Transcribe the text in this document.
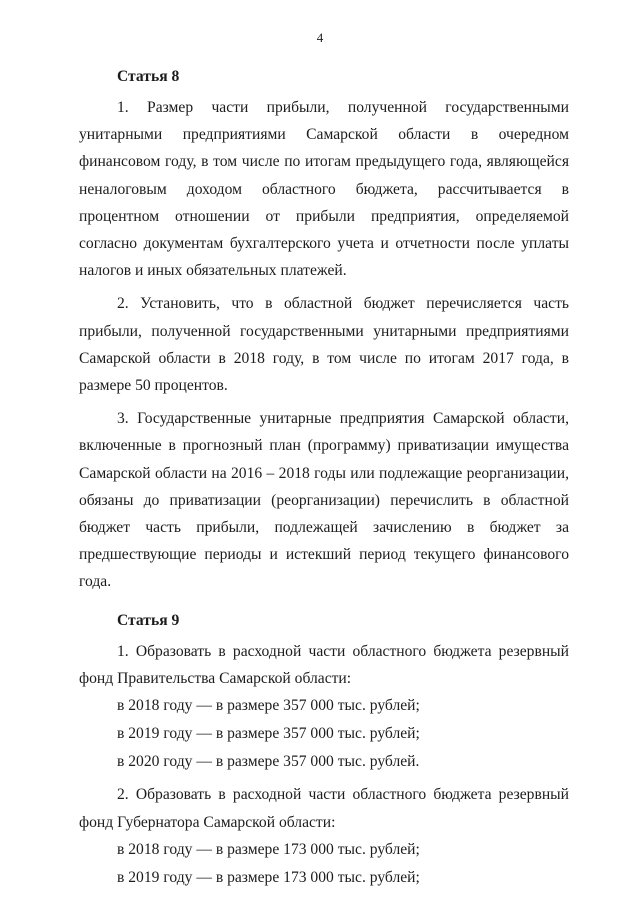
4

Статья 8

1. Размер части прибыли, полученной государственными унитарными предприятиями Самарской области в очередном финансовом году, в том числе по итогам предыдущего года, являющейся неналоговым доходом областного бюджета, рассчитывается в процентном отношении от прибыли предприятия, определяемой согласно документам бухгалтерского учета и отчетности после уплаты налогов и иных обязательных платежей.

2. Установить, что в областной бюджет перечисляется часть прибыли, полученной государственными унитарными предприятиями Самарской области в 2018 году, в том числе по итогам 2017 года, в размере 50 процентов.

3. Государственные унитарные предприятия Самарской области, включенные в прогнозный план (программу) приватизации имущества Самарской области на 2016 – 2018 годы или подлежащие реорганизации, обязаны до приватизации (реорганизации) перечислить в областной бюджет часть прибыли, подлежащей зачислению в бюджет за предшествующие периоды и истекший период текущего финансового года.

Статья 9

1. Образовать в расходной части областного бюджета резервный фонд Правительства Самарской области:

в 2018 году — в размере 357 000 тыс. рублей;

в 2019 году — в размере 357 000 тыс. рублей;

в 2020 году — в размере 357 000 тыс. рублей.

2. Образовать в расходной части областного бюджета резервный фонд Губернатора Самарской области:

в 2018 году — в размере 173 000 тыс. рублей;

в 2019 году — в размере 173 000 тыс. рублей;
